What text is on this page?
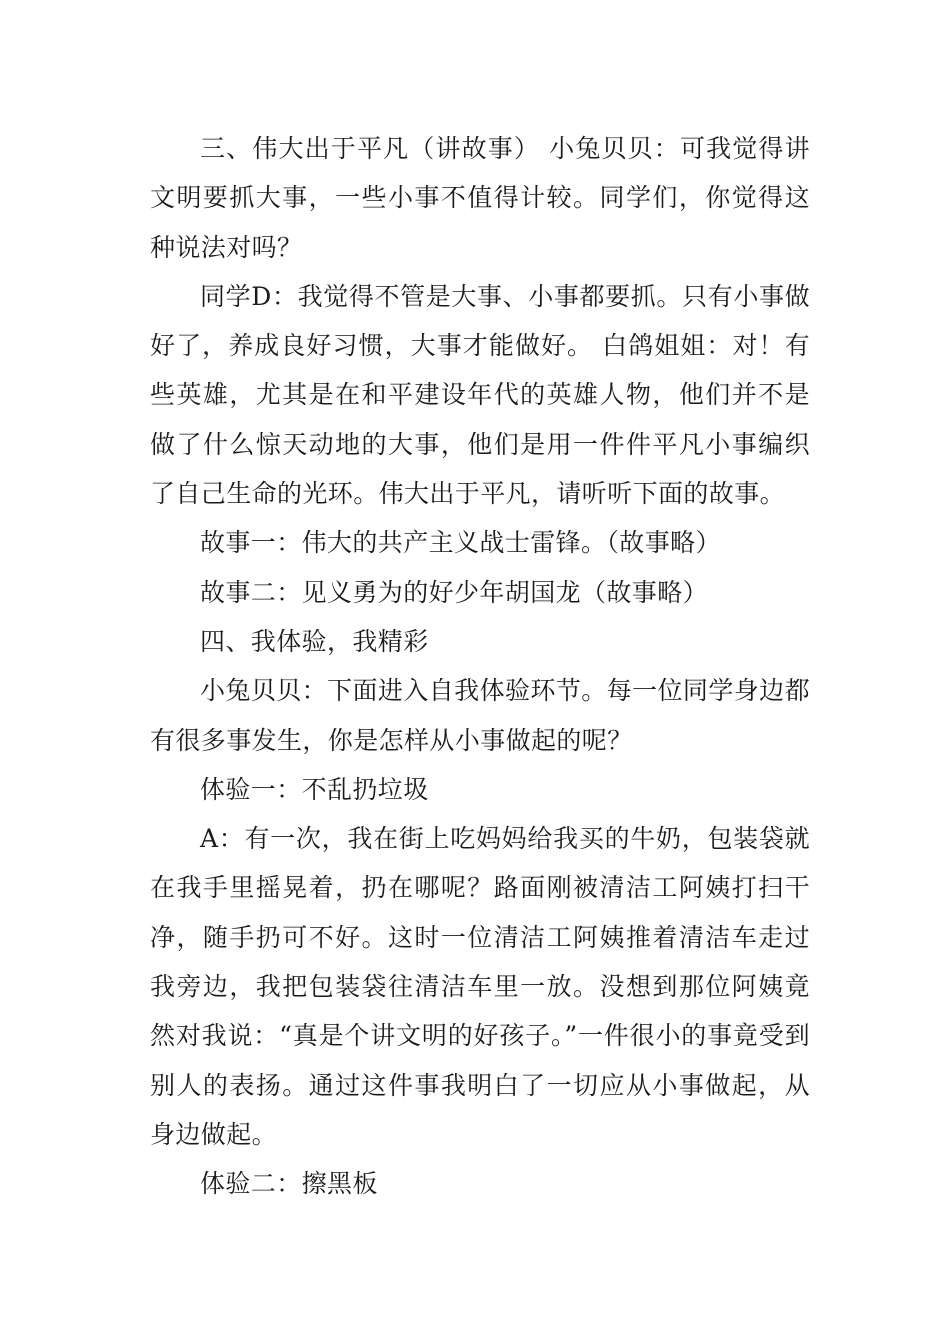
三、伟大出于平凡（讲故事） 小兔贝贝：可我觉得讲文明要抓大事，一些小事不值得计较。同学们，你觉得这种说法对吗？

同学D：我觉得不管是大事、小事都要抓。只有小事做好了，养成良好习惯，大事才能做好。 白鸽姐姐：对！有些英雄，尤其是在和平建设年代的英雄人物，他们并不是做了什么惊天动地的大事，他们是用一件件平凡小事编织了自己生命的光环。伟大出于平凡，请听听下面的故事。

故事一：伟大的共产主义战士雷锋。（故事略）

故事二：见义勇为的好少年胡国龙（故事略）

四、我体验，我精彩

小兔贝贝：下面进入自我体验环节。每一位同学身边都有很多事发生，你是怎样从小事做起的呢？

体验一：不乱扔垃圾

A：有一次，我在街上吃妈妈给我买的牛奶，包装袋就在我手里摇晃着，扔在哪呢？路面刚被清洁工阿姨打扫干净，随手扔可不好。这时一位清洁工阿姨推着清洁车走过我旁边，我把包装袋往清洁车里一放。没想到那位阿姨竟然对我说：“真是个讲文明的好孩子。”一件很小的事竟受到别人的表扬。通过这件事我明白了一切应从小事做起，从身边做起。

体验二：擦黑板
